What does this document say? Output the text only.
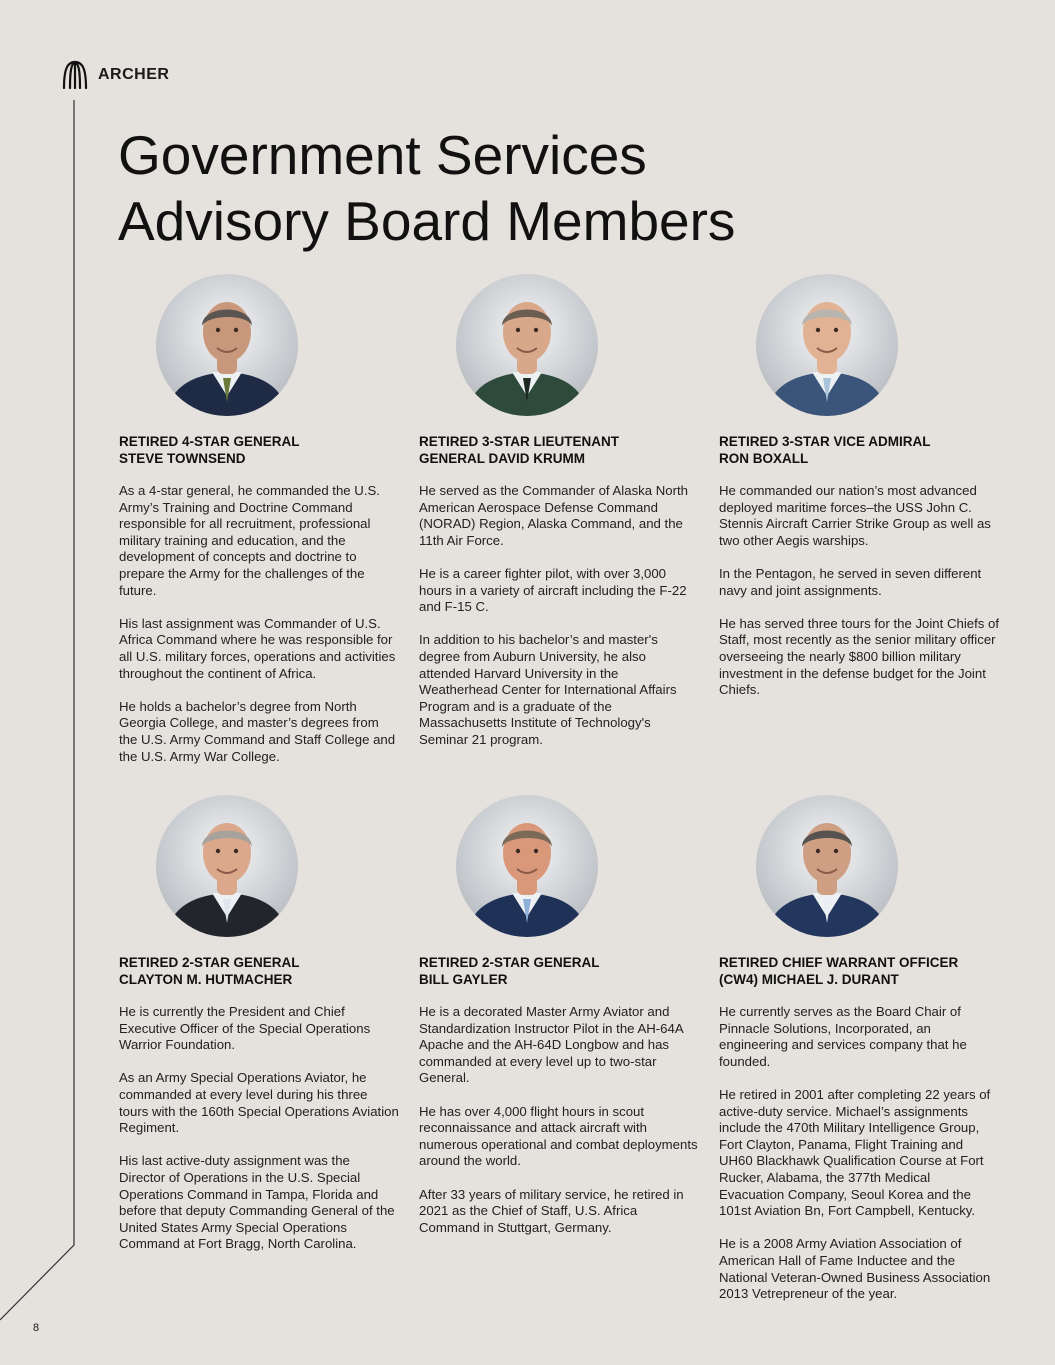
ARCHER
Government Services
Advisory Board Members
RETIRED 4-STAR GENERAL
STEVE TOWNSEND

As a 4-star general, he commanded the U.S. Army’s Training and Doctrine Command responsible for all recruitment, professional military training and education, and the development of concepts and doctrine to prepare the Army for the challenges of the future.

His last assignment was Commander of U.S. Africa Command where he was responsible for all U.S. military forces, operations and activities throughout the continent of Africa.

He holds a bachelor’s degree from North Georgia College, and master’s degrees from the U.S. Army Command and Staff College and the U.S. Army War College.

RETIRED 3-STAR LIEUTENANT
GENERAL DAVID KRUMM

He served as the Commander of Alaska North American Aerospace Defense Command (NORAD) Region, Alaska Command, and the 11th Air Force.

He is a career fighter pilot, with over 3,000 hours in a variety of aircraft including the F-22 and F-15 C.

In addition to his bachelor’s and master's degree from Auburn University, he also attended Harvard University in the Weatherhead Center for International Affairs Program and is a graduate of the Massachusetts Institute of Technology's Seminar 21 program.

RETIRED 3-STAR VICE ADMIRAL
RON BOXALL

He commanded our nation’s most advanced deployed maritime forces–the USS John C. Stennis Aircraft Carrier Strike Group as well as two other Aegis warships.

In the Pentagon, he served in seven different navy and joint assignments.

He has served three tours for the Joint Chiefs of Staff, most recently as the senior military officer overseeing the nearly $800 billion military investment in the defense budget for the Joint Chiefs.

RETIRED 2-STAR GENERAL
CLAYTON M. HUTMACHER

He is currently the President and Chief Executive Officer of the Special Operations Warrior Foundation.

As an Army Special Operations Aviator, he commanded at every level during his three tours with the 160th Special Operations Aviation Regiment.

His last active-duty assignment was the Director of Operations in the U.S. Special Operations Command in Tampa, Florida and before that deputy Commanding General of the United States Army Special Operations Command at Fort Bragg, North Carolina.

RETIRED 2-STAR GENERAL
BILL GAYLER

He is a decorated Master Army Aviator and Standardization Instructor Pilot in the AH-64A Apache and the AH-64D Longbow and has commanded at every level up to two-star General.

He has over 4,000 flight hours in scout reconnaissance and attack aircraft with numerous operational and combat deployments around the world.

After 33 years of military service, he retired in 2021 as the Chief of Staff, U.S. Africa Command in Stuttgart, Germany.

RETIRED CHIEF WARRANT OFFICER
(CW4) MICHAEL J. DURANT

He currently serves as the Board Chair of Pinnacle Solutions, Incorporated, an engineering and services company that he founded.

He retired in 2001 after completing 22 years of active-duty service. Michael’s assignments include the 470th Military Intelligence Group, Fort Clayton, Panama, Flight Training and UH60 Blackhawk Qualification Course at Fort Rucker, Alabama, the 377th Medical Evacuation Company, Seoul Korea and the 101st Aviation Bn, Fort Campbell, Kentucky.

He is a 2008 Army Aviation Association of American Hall of Fame Inductee and the National Veteran-Owned Business Association 2013 Vetrepreneur of the year.

8
